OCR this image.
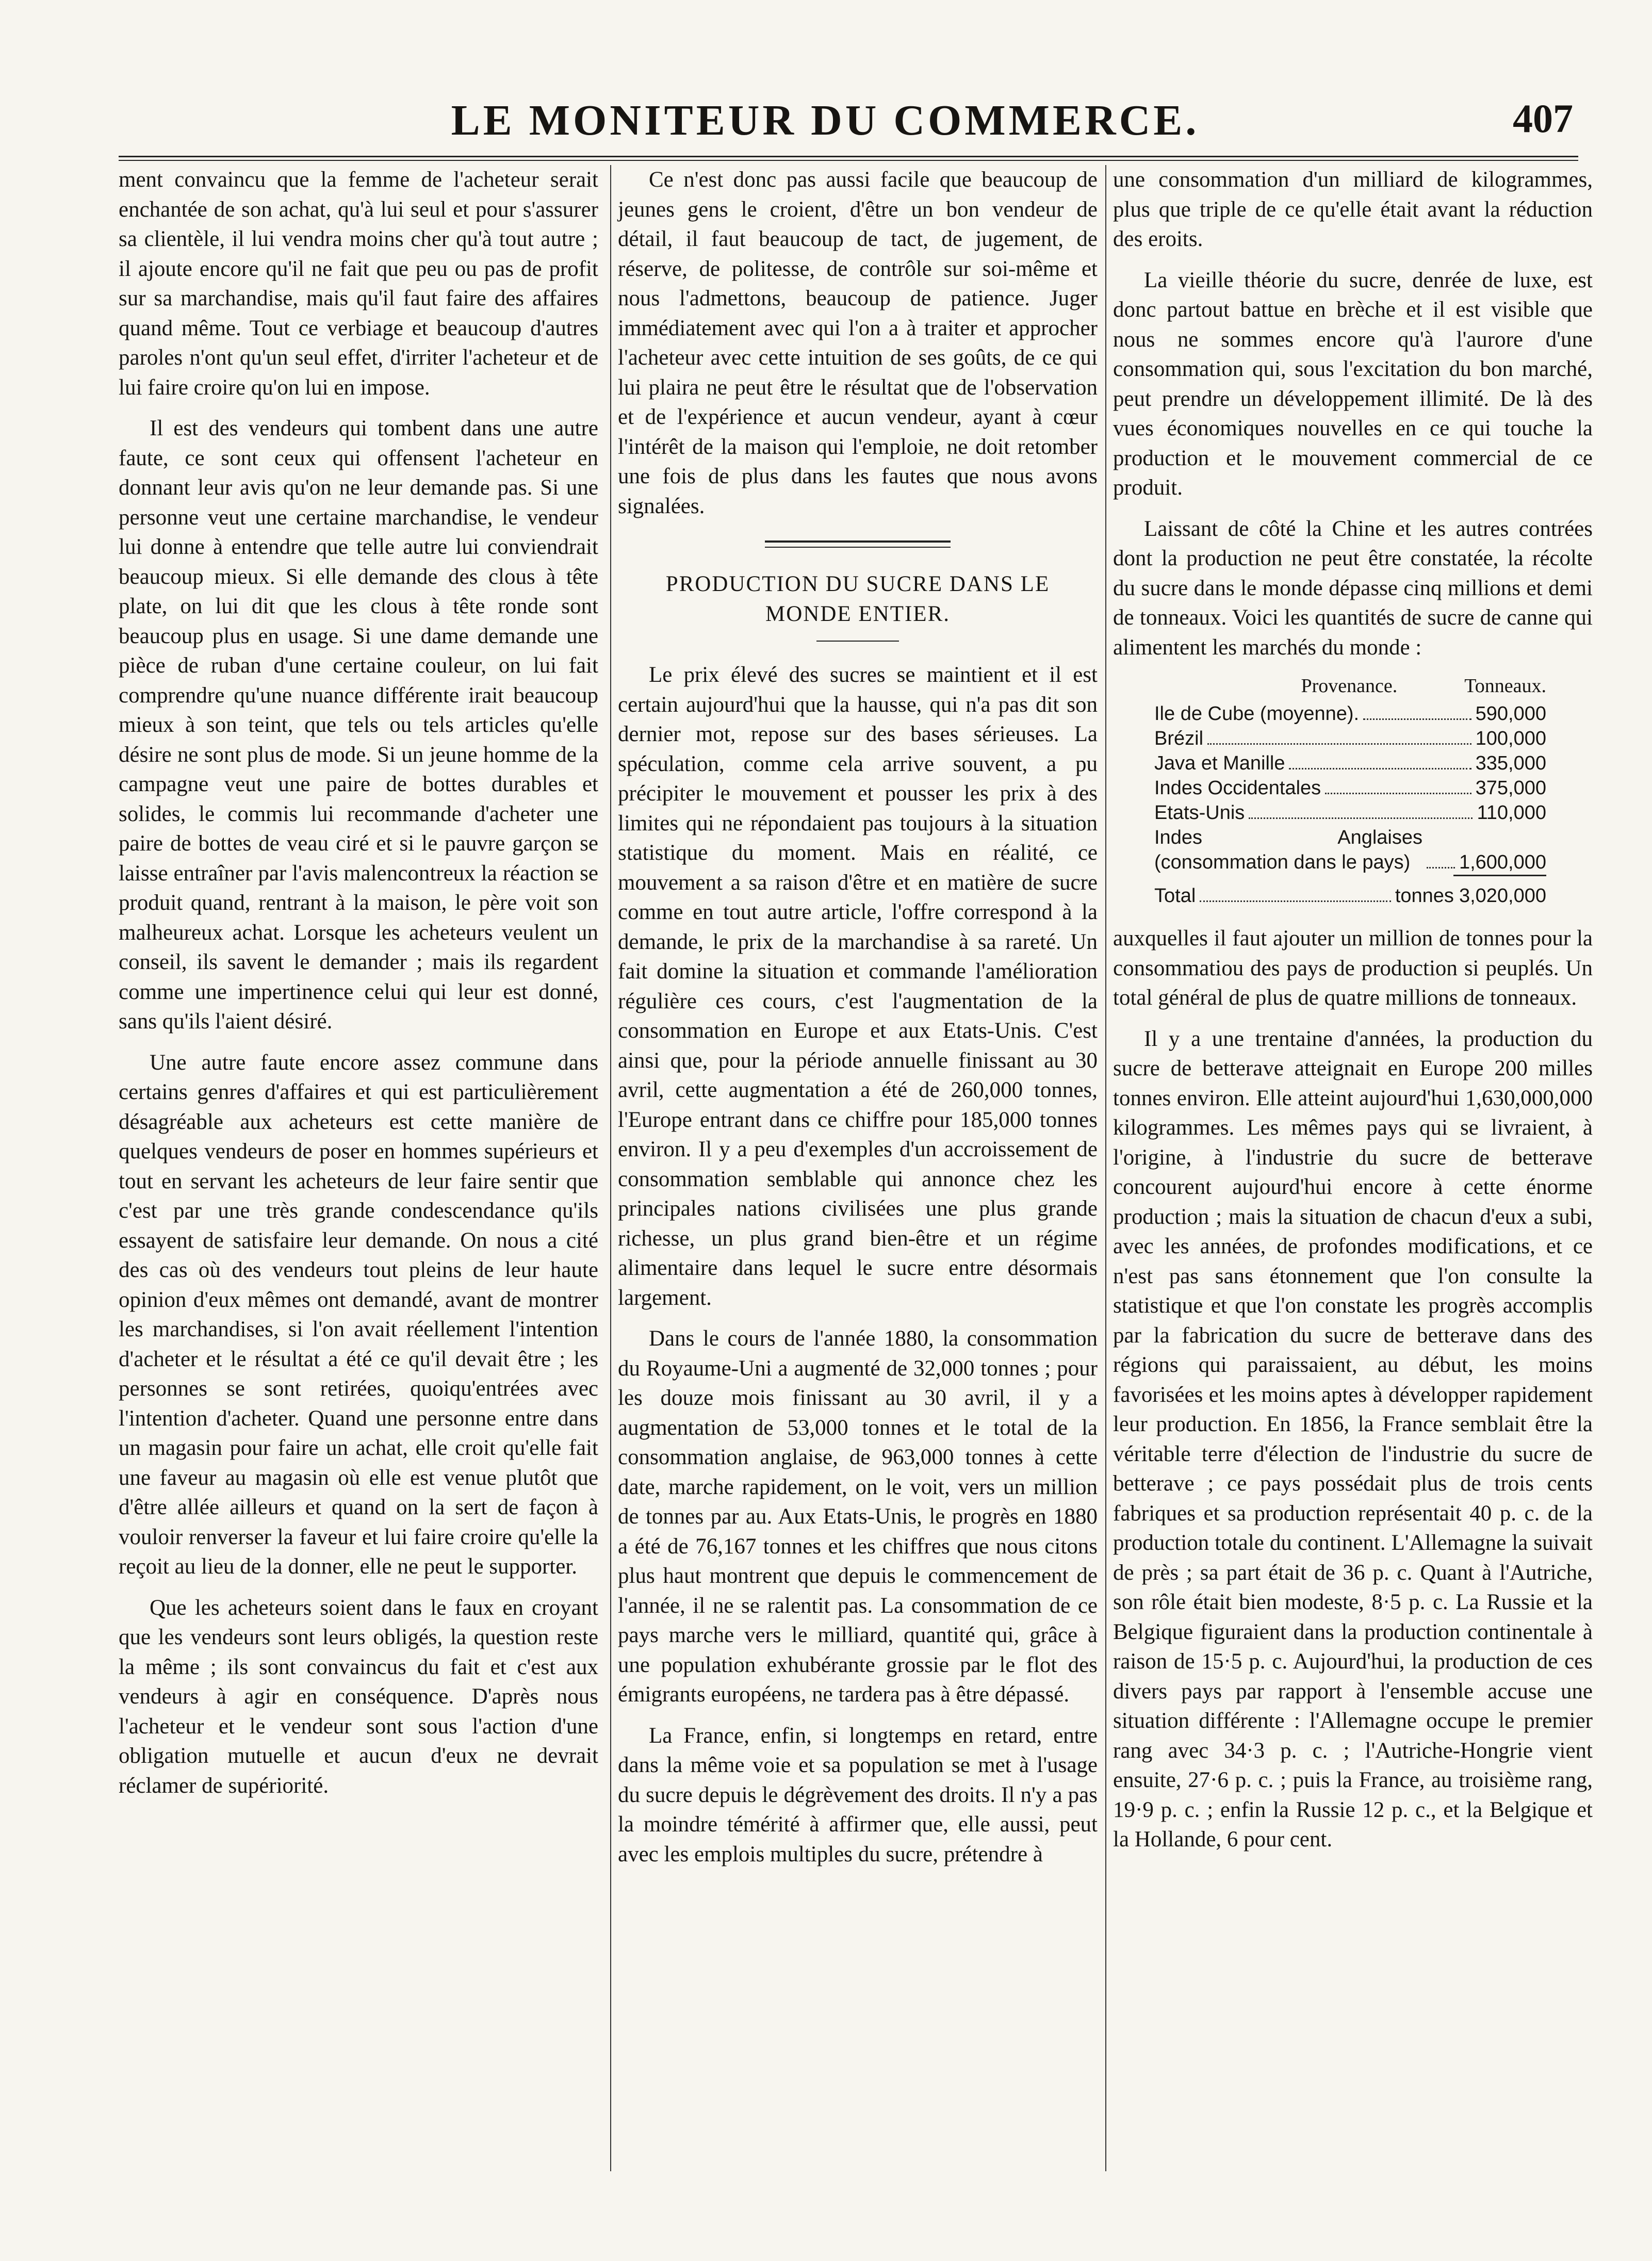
LE MONITEUR DU COMMERCE.	407

ment convaincu que la femme de l'acheteur serait enchantée de son achat, qu'à lui seul et pour s'assurer sa clientèle, il lui vendra moins cher qu'à tout autre ; il ajoute encore qu'il ne fait que peu ou pas de profit sur sa marchandise, mais qu'il faut faire des affaires quand même. Tout ce verbiage et beaucoup d'autres paroles n'ont qu'un seul effet, d'irriter l'acheteur et de lui faire croire qu'on lui en impose.

Il est des vendeurs qui tombent dans une autre faute, ce sont ceux qui offensent l'acheteur en donnant leur avis qu'on ne leur demande pas. Si une personne veut une certaine marchandise, le vendeur lui donne à entendre que telle autre lui conviendrait beaucoup mieux. Si elle demande des clous à tête plate, on lui dit que les clous à tête ronde sont beaucoup plus en usage. Si une dame demande une pièce de ruban d'une certaine couleur, on lui fait comprendre qu'une nuance différente irait beaucoup mieux à son teint, que tels ou tels articles qu'elle désire ne sont plus de mode. Si un jeune homme de la campagne veut une paire de bottes durables et solides, le commis lui recommande d'acheter une paire de bottes de veau ciré et si le pauvre garçon se laisse entraîner par l'avis malencontreux la réaction se produit quand, rentrant à la maison, le père voit son malheureux achat. Lorsque les acheteurs veulent un conseil, ils savent le demander ; mais ils regardent comme une impertinence celui qui leur est donné, sans qu'ils l'aient désiré.

Une autre faute encore assez commune dans certains genres d'affaires et qui est particulièrement désagréable aux acheteurs est cette manière de quelques vendeurs de poser en hommes supérieurs et tout en servant les acheteurs de leur faire sentir que c'est par une très grande condescendance qu'ils essayent de satisfaire leur demande. On nous a cité des cas où des vendeurs tout pleins de leur haute opinion d'eux mêmes ont demandé, avant de montrer les marchandises, si l'on avait réellement l'intention d'acheter et le résultat a été ce qu'il devait être ; les personnes se sont retirées, quoiqu'entrées avec l'intention d'acheter. Quand une personne entre dans un magasin pour faire un achat, elle croit qu'elle fait une faveur au magasin où elle est venue plutôt que d'être allée ailleurs et quand on la sert de façon à vouloir renverser la faveur et lui faire croire qu'elle la reçoit au lieu de la donner, elle ne peut le supporter.

Que les acheteurs soient dans le faux en croyant que les vendeurs sont leurs obligés, la question reste la même ; ils sont convaincus du fait et c'est aux vendeurs à agir en conséquence. D'après nous l'acheteur et le vendeur sont sous l'action d'une obligation mutuelle et aucun d'eux ne devrait réclamer de supériorité.

Ce n'est donc pas aussi facile que beaucoup de jeunes gens le croient, d'être un bon vendeur de détail, il faut beaucoup de tact, de jugement, de réserve, de politesse, de contrôle sur soi-même et nous l'admettons, beaucoup de patience. Juger immédiatement avec qui l'on a à traiter et approcher l'acheteur avec cette intuition de ses goûts, de ce qui lui plaira ne peut être le résultat que de l'observation et de l'expérience et aucun vendeur, ayant à cœur l'intérêt de la maison qui l'emploie, ne doit retomber une fois de plus dans les fautes que nous avons signalées.

PRODUCTION DU SUCRE DANS LE MONDE ENTIER.

Le prix élevé des sucres se maintient et il est certain aujourd'hui que la hausse, qui n'a pas dit son dernier mot, repose sur des bases sérieuses. La spéculation, comme cela arrive souvent, a pu précipiter le mouvement et pousser les prix à des limites qui ne répondaient pas toujours à la situation statistique du moment. Mais en réalité, ce mouvement a sa raison d'être et en matière de sucre comme en tout autre article, l'offre correspond à la demande, le prix de la marchandise à sa rareté. Un fait domine la situation et commande l'amélioration régulière ces cours, c'est l'augmentation de la consommation en Europe et aux Etats-Unis. C'est ainsi que, pour la période annuelle finissant au 30 avril, cette augmentation a été de 260,000 tonnes, l'Europe entrant dans ce chiffre pour 185,000 tonnes environ. Il y a peu d'exemples d'un accroissement de consommation semblable qui annonce chez les principales nations civilisées une plus grande richesse, un plus grand bien-être et un régime alimentaire dans lequel le sucre entre désormais largement.

Dans le cours de l'année 1880, la consommation du Royaume-Uni a augmenté de 32,000 tonnes ; pour les douze mois finissant au 30 avril, il y a augmentation de 53,000 tonnes et le total de la consommation anglaise, de 963,000 tonnes à cette date, marche rapidement, on le voit, vers un million de tonnes par au. Aux Etats-Unis, le progrès en 1880 a été de 76,167 tonnes et les chiffres que nous citons plus haut montrent que depuis le commencement de l'année, il ne se ralentit pas. La consommation de ce pays marche vers le milliard, quantité qui, grâce à une population exhubérante grossie par le flot des émigrants européens, ne tardera pas à être dépassé.

La France, enfin, si longtemps en retard, entre dans la même voie et sa population se met à l'usage du sucre depuis le dégrèvement des droits. Il n'y a pas la moindre témérité à affirmer que, elle aussi, peut avec les emplois multiples du sucre, prétendre à

une consommation d'un milliard de kilogrammes, plus que triple de ce qu'elle était avant la réduction des eroits.

La vieille théorie du sucre, denrée de luxe, est donc partout battue en brèche et il est visible que nous ne sommes encore qu'à l'aurore d'une consommation qui, sous l'excitation du bon marché, peut prendre un développement illimité. De là des vues économiques nouvelles en ce qui touche la production et le mouvement commercial de ce produit.

Laissant de côté la Chine et les autres contrées dont la production ne peut être constatée, la récolte du sucre dans le monde dépasse cinq millions et demi de tonneaux. Voici les quantités de sucre de canne qui alimentent les marchés du monde :

Provenance.	Tonneaux.
Ile de Cube (moyenne).	590,000
Brézil	100,000
Java et Manille	335,000
Indes Occidentales	375,000
Etats-Unis	110,000
Indes Anglaises (consommation dans le pays)	1,600,000
Total	tonnes 3,020,000

auxquelles il faut ajouter un million de tonnes pour la consommatiou des pays de production si peuplés. Un total général de plus de quatre millions de tonneaux.

Il y a une trentaine d'années, la production du sucre de betterave atteignait en Europe 200 milles tonnes environ. Elle atteint aujourd'hui 1,630,000,000 kilogrammes. Les mêmes pays qui se livraient, à l'origine, à l'industrie du sucre de betterave concourent aujourd'hui encore à cette énorme production ; mais la situation de chacun d'eux a subi, avec les années, de profondes modifications, et ce n'est pas sans étonnement que l'on consulte la statistique et que l'on constate les progrès accomplis par la fabrication du sucre de betterave dans des régions qui paraissaient, au début, les moins favorisées et les moins aptes à développer rapidement leur production. En 1856, la France semblait être la véritable terre d'élection de l'industrie du sucre de betterave ; ce pays possédait plus de trois cents fabriques et sa production représentait 40 p. c. de la production totale du continent. L'Allemagne la suivait de près ; sa part était de 36 p. c. Quant à l'Autriche, son rôle était bien modeste, 8·5 p. c. La Russie et la Belgique figuraient dans la production continentale à raison de 15·5 p. c. Aujourd'hui, la production de ces divers pays par rapport à l'ensemble accuse une situation différente : l'Allemagne occupe le premier rang avec 34·3 p. c. ; l'Autriche-Hongrie vient ensuite, 27·6 p. c. ; puis la France, au troisième rang, 19·9 p. c. ; enfin la Russie 12 p. c., et la Belgique et la Hollande, 6 pour cent.
